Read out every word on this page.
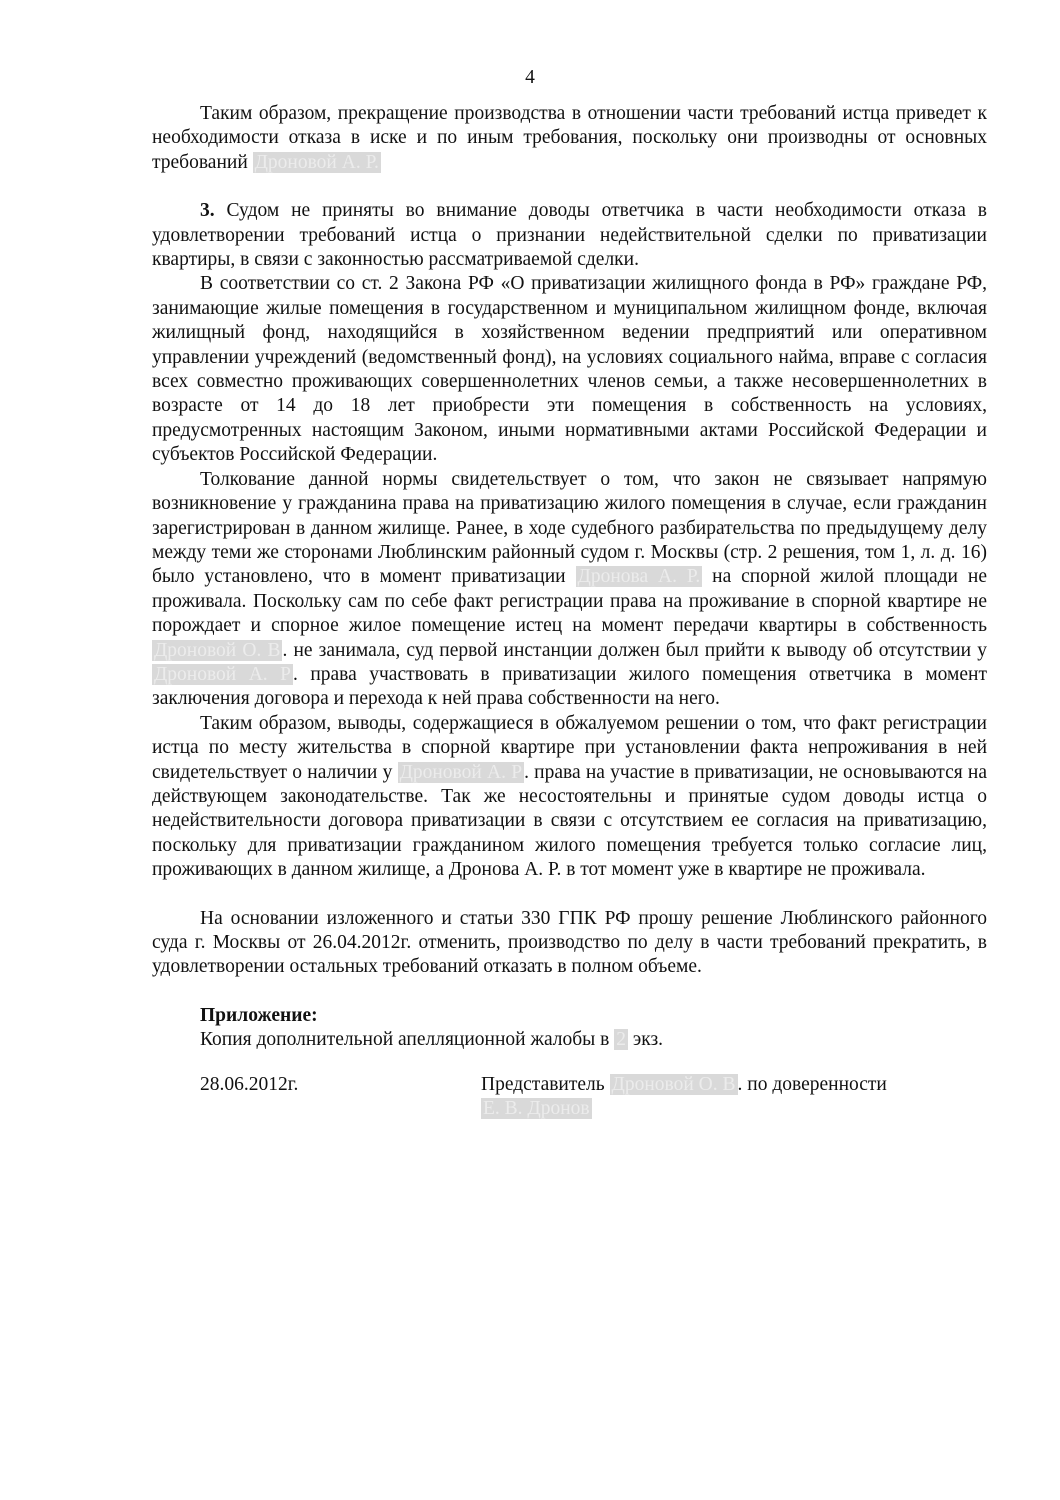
4

Таким образом, прекращение производства в отношении части требований истца приведет к необходимости отказа в иске и по иным требования, поскольку они производны от основных требований Дроновой А. Р.

3. Судом не приняты во внимание доводы ответчика в части необходимости отказа в удовлетворении требований истца о признании недействительной сделки по приватизации квартиры, в связи с законностью рассматриваемой сделки.

В соответствии со ст. 2 Закона РФ «О приватизации жилищного фонда в РФ» граждане РФ, занимающие жилые помещения в государственном и муниципальном жилищном фонде, включая жилищный фонд, находящийся в хозяйственном ведении предприятий или оперативном управлении учреждений (ведомственный фонд), на условиях социального найма, вправе с согласия всех совместно проживающих совершеннолетних членов семьи, а также несовершеннолетних в возрасте от 14 до 18 лет приобрести эти помещения в собственность на условиях, предусмотренных настоящим Законом, иными нормативными актами Российской Федерации и субъектов Российской Федерации.

Толкование данной нормы свидетельствует о том, что закон не связывает напрямую возникновение у гражданина права на приватизацию жилого помещения в случае, если гражданин зарегистрирован в данном жилище. Ранее, в ходе судебного разбирательства по предыдущему делу между теми же сторонами Люблинским районный судом г. Москвы (стр. 2 решения, том 1, л. д. 16) было установлено, что в момент приватизации Дронова А. Р. на спорной жилой площади не проживала. Поскольку сам по себе факт регистрации права на проживание в спорной квартире не порождает и спорное жилое помещение истец на момент передачи квартиры в собственность Дроновой О. В . не занимала, суд первой инстанции должен был прийти к выводу об отсутствии у Дроновой А. Р . права участвовать в приватизации жилого помещения ответчика в момент заключения договора и перехода к ней права собственности на него.

Таким образом, выводы, содержащиеся в обжалуемом решении о том, что факт регистрации истца по месту жительства в спорной квартире при установлении факта непроживания в ней свидетельствует о наличии у Дроновой А. Р . права на участие в приватизации, не основываются на действующем законодательстве. Так же несостоятельны и принятые судом доводы истца о недействительности договора приватизации в связи с отсутствием ее согласия на приватизацию, поскольку для приватизации гражданином жилого помещения требуется только согласие лиц, проживающих в данном жилище, а Дронова А. Р. в тот момент уже в квартире не проживала.

На основании изложенного и статьи 330 ГПК РФ прошу решение Люблинского районного суда г. Москвы от 26.04.2012г. отменить, производство по делу в части требований прекратить, в удовлетворении остальных требований отказать в полном объеме.

Приложение:

Копия дополнительной апелляционной жалобы в 2 экз.

28.06.2012г.	Представитель Дроновой О. В . по доверенности
Е. В. Дронов
